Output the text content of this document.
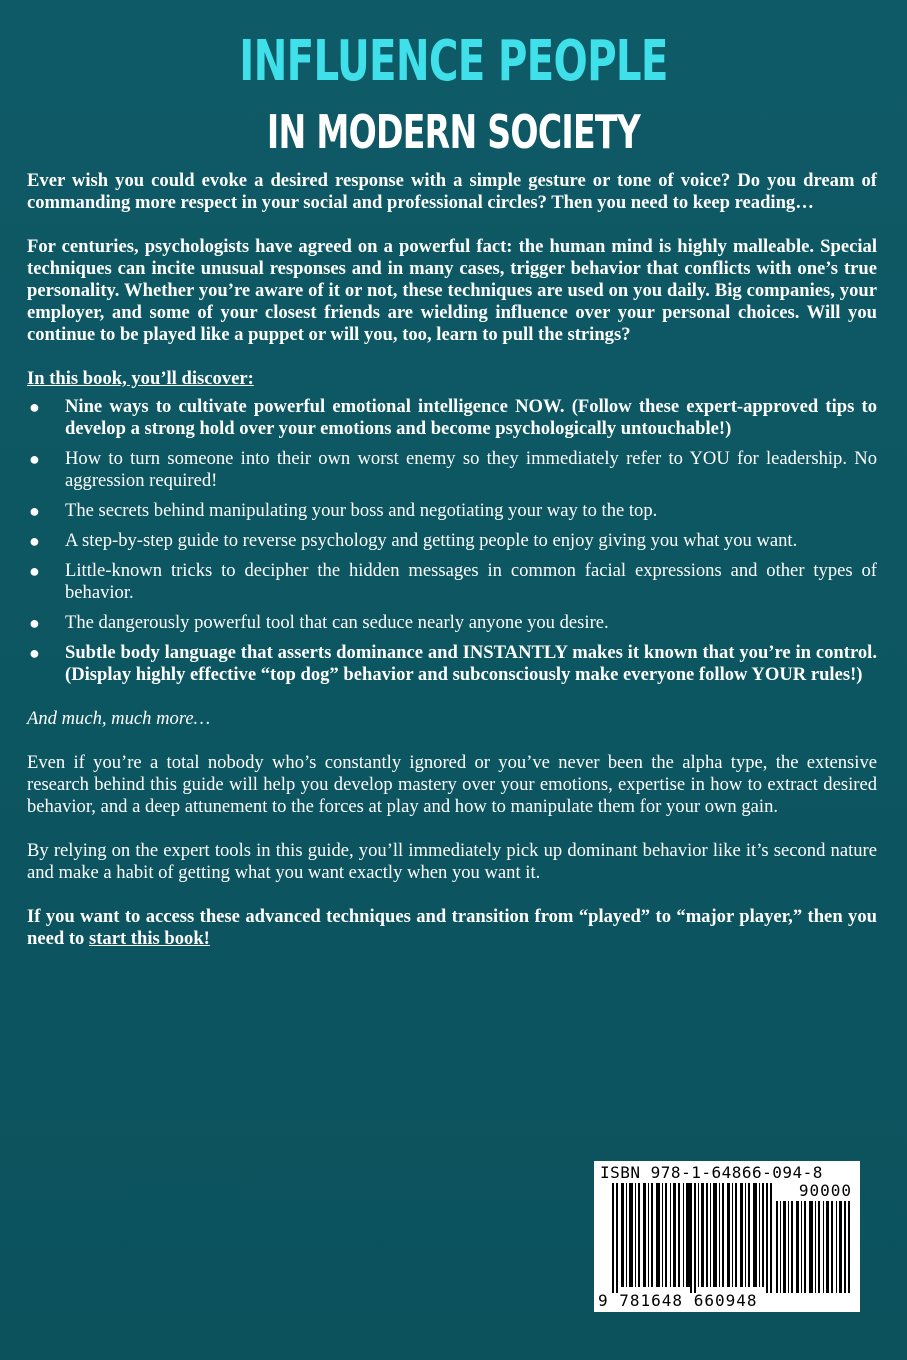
INFLUENCE PEOPLE
IN MODERN SOCIETY

Ever wish you could evoke a desired response with a simple gesture or tone of voice? Do you dream of commanding more respect in your social and professional circles? Then you need to keep reading…

For centuries, psychologists have agreed on a powerful fact: the human mind is highly malleable. Special techniques can incite unusual responses and in many cases, trigger behavior that conflicts with one’s true personality. Whether you’re aware of it or not, these techniques are used on you daily. Big companies, your employer, and some of your closest friends are wielding influence over your personal choices. Will you continue to be played like a puppet or will you, too, learn to pull the strings?

In this book, you’ll discover:

● Nine ways to cultivate powerful emotional intelligence NOW. (Follow these expert-approved tips to develop a strong hold over your emotions and become psychologically untouchable!)
● How to turn someone into their own worst enemy so they immediately refer to YOU for leadership. No aggression required!
● The secrets behind manipulating your boss and negotiating your way to the top.
● A step-by-step guide to reverse psychology and getting people to enjoy giving you what you want.
● Little-known tricks to decipher the hidden messages in common facial expressions and other types of behavior.
● The dangerously powerful tool that can seduce nearly anyone you desire.
● Subtle body language that asserts dominance and INSTANTLY makes it known that you’re in control. (Display highly effective “top dog” behavior and subconsciously make everyone follow YOUR rules!)

And much, much more…

Even if you’re a total nobody who’s constantly ignored or you’ve never been the alpha type, the extensive research behind this guide will help you develop mastery over your emotions, expertise in how to extract desired behavior, and a deep attunement to the forces at play and how to manipulate them for your own gain.

By relying on the expert tools in this guide, you’ll immediately pick up dominant behavior like it’s second nature and make a habit of getting what you want exactly when you want it.

If you want to access these advanced techniques and transition from “played” to “major player,” then you need to start this book!

ISBN 978-1-64866-094-8
90000
9 781648 660948
